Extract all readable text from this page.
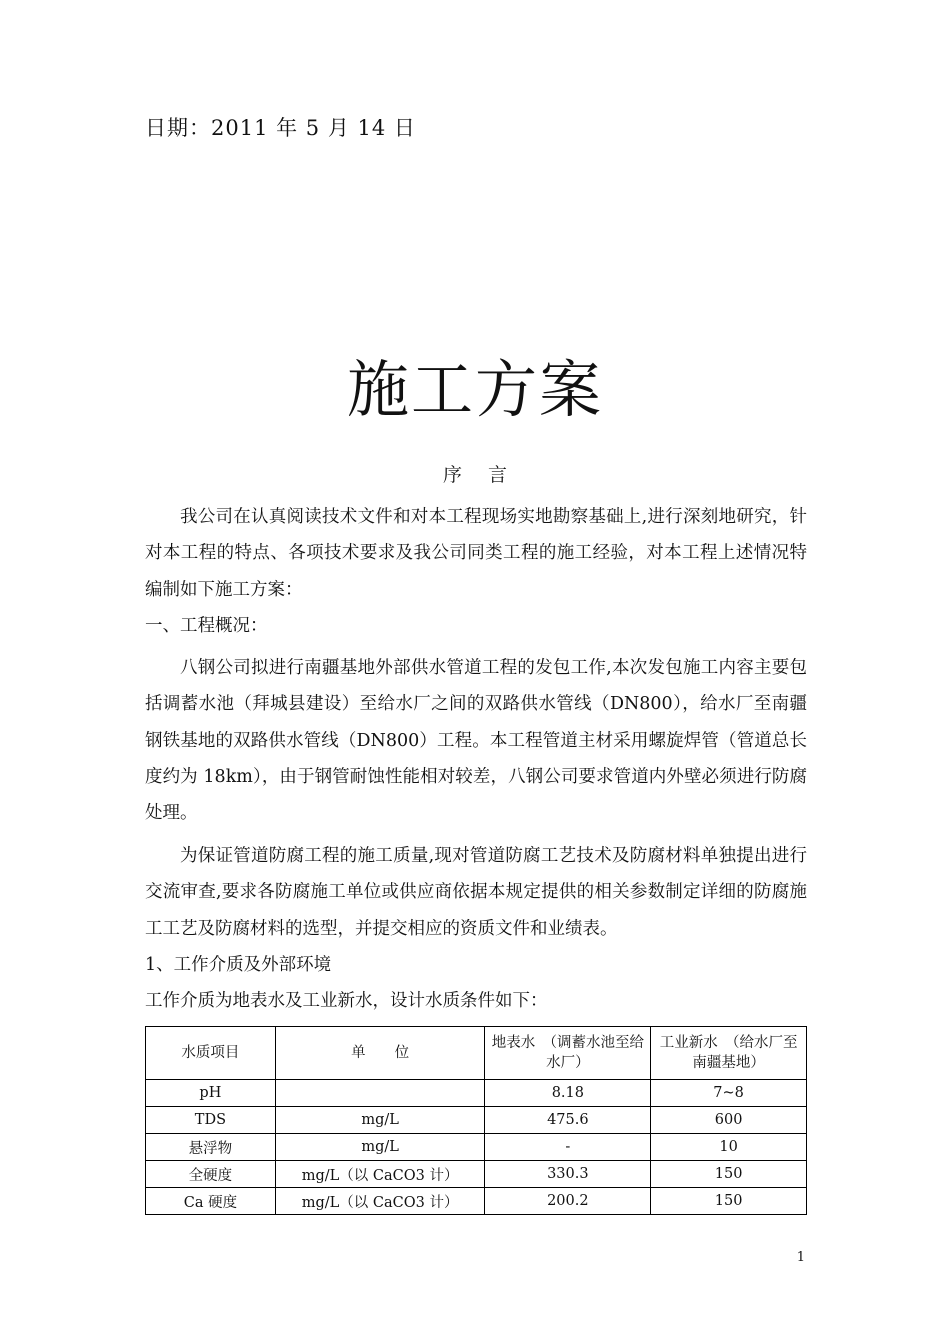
日期：2011 年 5 月 14 日
施工方案
序言

我公司在认真阅读技术文件和对本工程现场实地勘察基础上,进行深刻地研究，针对本工程的特点、各项技术要求及我公司同类工程的施工经验，对本工程上述情况特编制如下施工方案：

一、工程概况：

八钢公司拟进行南疆基地外部供水管道工程的发包工作,本次发包施工内容主要包括调蓄水池（拜城县建设）至给水厂之间的双路供水管线（DN800），给水厂至南疆钢铁基地的双路供水管线（DN800）工程。本工程管道主材采用螺旋焊管（管道总长度约为 18km），由于钢管耐蚀性能相对较差，八钢公司要求管道内外壁必须进行防腐处理。

为保证管道防腐工程的施工质量,现对管道防腐工艺技术及防腐材料单独提出进行交流审查,要求各防腐施工单位或供应商依据本规定提供的相关参数制定详细的防腐施工工艺及防腐材料的选型，并提交相应的资质文件和业绩表。

1、工作介质及外部环境

工作介质为地表水及工业新水，设计水质条件如下：

水质项目	单　　位	地表水　（调蓄水池至给水厂）	工业新水　（给水厂至南疆基地）
pH		8.18	7~8
TDS	mg/L	475.6	600
悬浮物	mg/L	-	10
全硬度	mg/L（以 CaCO3 计）	330.3	150
Ca 硬度	mg/L（以 CaCO3 计）	200.2	150
1
